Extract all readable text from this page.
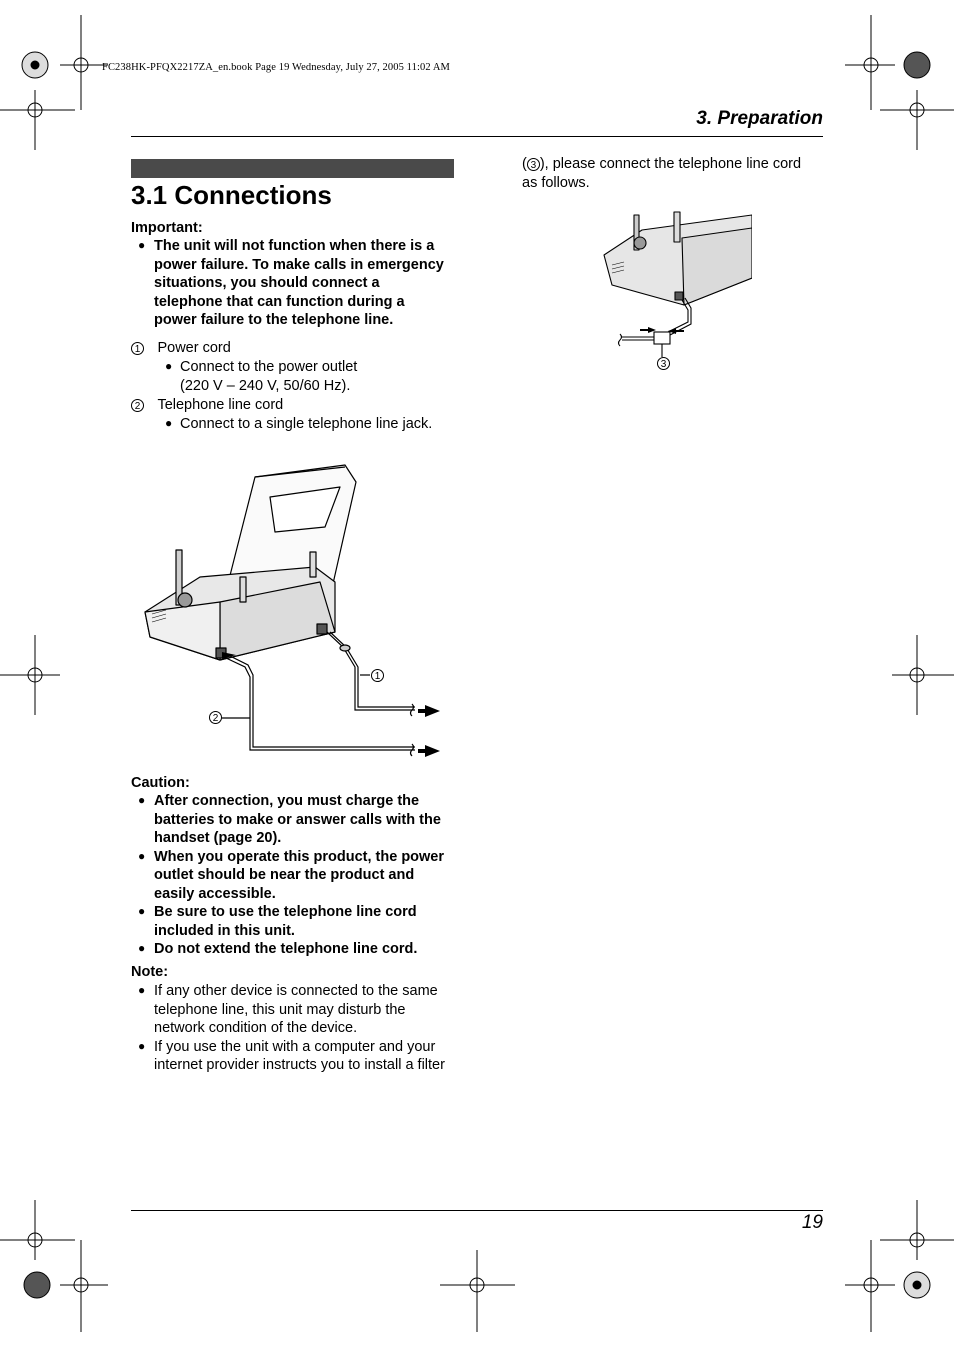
FC238HK-PFQX2217ZA_en.book Page 19 Wednesday, July 27, 2005 11:02 AM
3. Preparation
3.1 Connections
Important:
● The unit will not function when there is a
power failure. To make calls in emergency
situations, you should connect a
telephone that can function during a
power failure to the telephone line.
1 Power cord
● Connect to the power outlet
(220 V – 240 V, 50/60 Hz).
2 Telephone line cord
● Connect to a single telephone line jack.
1
2
Caution:
● After connection, you must charge the
batteries to make or answer calls with the
handset (page 20).
● When you operate this product, the power
outlet should be near the product and
easily accessible.
● Be sure to use the telephone line cord
included in this unit.
● Do not extend the telephone line cord.
Note:
● If any other device is connected to the same
telephone line, this unit may disturb the
network condition of the device.
● If you use the unit with a computer and your
internet provider instructs you to install a filter
( 3 ), please connect the telephone line cord
as follows.
3
19
